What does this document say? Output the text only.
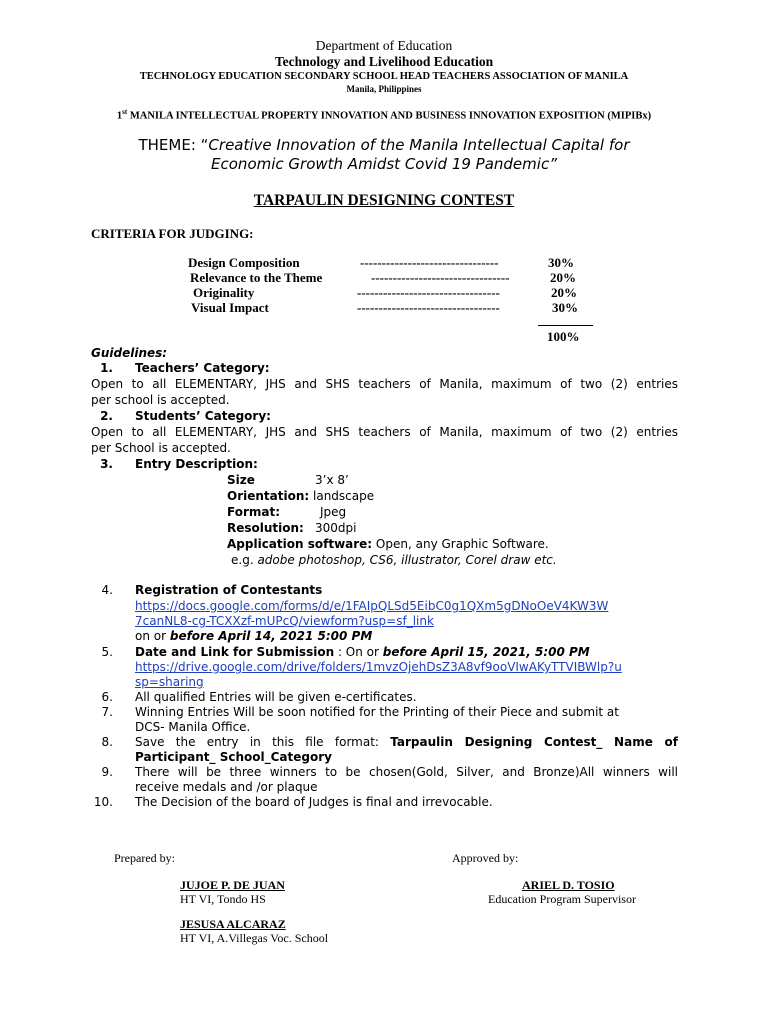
Department of Education
Technology and Livelihood Education
TECHNOLOGY EDUCATION SECONDARY SCHOOL HEAD TEACHERS ASSOCIATION OF MANILA
Manila, Philippines
1st MANILA INTELLECTUAL PROPERTY INNOVATION AND BUSINESS INNOVATION EXPOSITION (MIPIBx)
THEME: “Creative Innovation of the Manila Intellectual Capital for
Economic Growth Amidst Covid 19 Pandemic”
TARPAULIN DESIGNING CONTEST
CRITERIA FOR JUDGING:
Design Composition	--------------------------------	30%
Relevance to the Theme	--------------------------------	20%
Originality	---------------------------------	20%
Visual Impact	---------------------------------	30%
100%
Guidelines:
1. Teachers’ Category:
Open to all ELEMENTARY, JHS and SHS teachers of Manila, maximum of two (2) entries
per school is accepted.
2. Students’ Category:
Open to all ELEMENTARY, JHS and SHS teachers of Manila, maximum of two (2) entries
per School is accepted.
3. Entry Description:
Size	3’x 8’
Orientation: landscape
Format:	Jpeg
Resolution: 300dpi
Application software: Open, any Graphic Software.
e.g. adobe photoshop, CS6, illustrator, Corel draw etc.
4. Registration of Contestants
https://docs.google.com/forms/d/e/1FAIpQLSd5EibC0g1QXm5gDNoOeV4KW3W
7canNL8-cg-TCXXzf-mUPcQ/viewform?usp=sf_link
on or before April 14, 2021 5:00 PM
5. Date and Link for Submission : On or before April 15, 2021, 5:00 PM
https://drive.google.com/drive/folders/1mvzOjehDsZ3A8vf9ooVIwAKyTTVIBWlp?u
sp=sharing
6. All qualified Entries will be given e-certificates.
7. Winning Entries Will be soon notified for the Printing of their Piece and submit at
DCS- Manila Office.
8. Save the entry in this file format: Tarpaulin Designing Contest_ Name of
Participant_ School_Category
9. There will be three winners to be chosen(Gold, Silver, and Bronze)All winners will
receive medals and /or plaque
10. The Decision of the board of Judges is final and irrevocable.
Prepared by:	Approved by:
JUJOE P. DE JUAN
HT VI, Tondo HS
JESUSA ALCARAZ
HT VI, A.Villegas Voc. School
ARIEL D. TOSIO
Education Program Supervisor
